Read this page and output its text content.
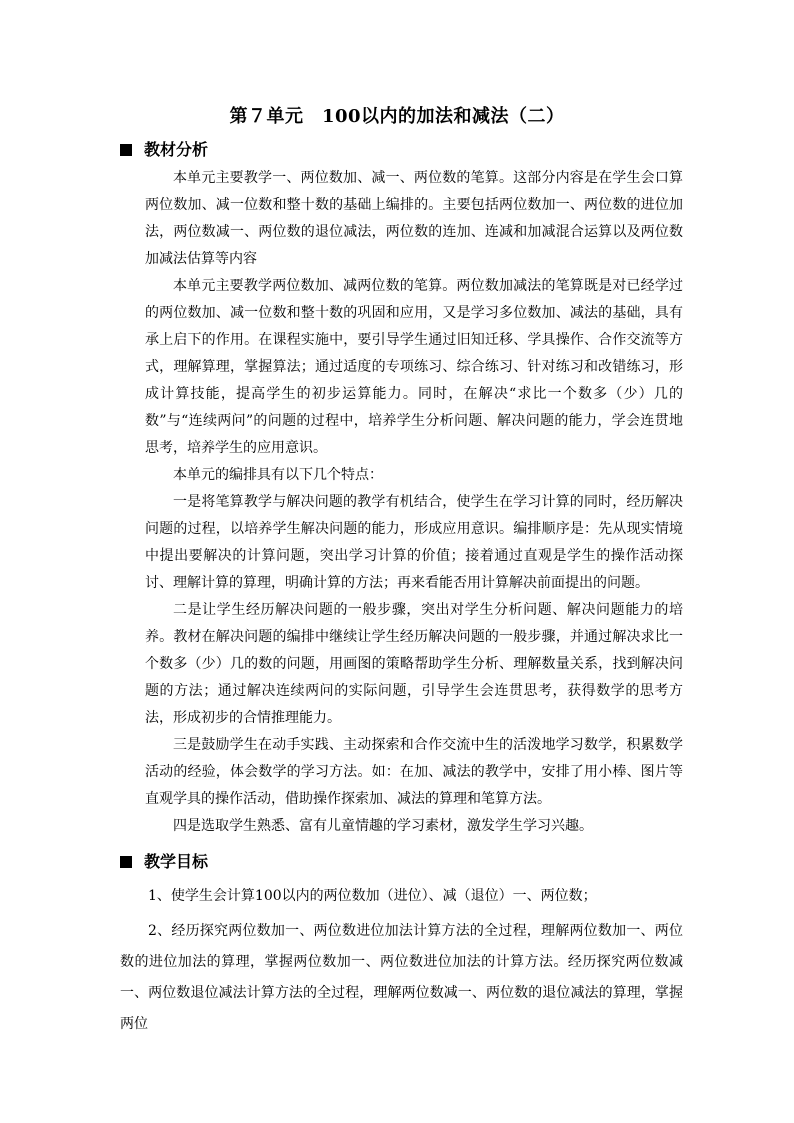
第７单元　100以内的加法和减法（二）
教材分析

本单元主要教学一、两位数加、减一、两位数的笔算。这部分内容是在学生会口算两位数加、减一位数和整十数的基础上编排的。主要包括两位数加一、两位数的进位加法，两位数减一、两位数的退位减法，两位数的连加、连减和加减混合运算以及两位数加减法估算等内容

本单元主要教学两位数加、减两位数的笔算。两位数加减法的笔算既是对已经学过的两位数加、减一位数和整十数的巩固和应用，又是学习多位数加、减法的基础，具有承上启下的作用。在课程实施中，要引导学生通过旧知迁移、学具操作、合作交流等方式，理解算理，掌握算法；通过适度的专项练习、综合练习、针对练习和改错练习，形成计算技能，提高学生的初步运算能力。同时，在解决“求比一个数多（少）几的数”与“连续两问”的问题的过程中，培养学生分析问题、解决问题的能力，学会连贯地思考，培养学生的应用意识。

本单元的编排具有以下几个特点：

一是将笔算教学与解决问题的教学有机结合，使学生在学习计算的同时，经历解决问题的过程，以培养学生解决问题的能力，形成应用意识。编排顺序是：先从现实情境中提出要解决的计算问题，突出学习计算的价值；接着通过直观是学生的操作活动探讨、理解计算的算理，明确计算的方法；再来看能否用计算解决前面提出的问题。

二是让学生经历解决问题的一般步骤，突出对学生分析问题、解决问题能力的培养。教材在解决问题的编排中继续让学生经历解决问题的一般步骤，并通过解决求比一个数多（少）几的数的问题，用画图的策略帮助学生分析、理解数量关系，找到解决问题的方法；通过解决连续两问的实际问题，引导学生会连贯思考，获得数学的思考方法，形成初步的合情推理能力。

三是鼓励学生在动手实践、主动探索和合作交流中生的活泼地学习数学，积累数学活动的经验，体会数学的学习方法。如：在加、减法的教学中，安排了用小棒、图片等直观学具的操作活动，借助操作探索加、减法的算理和笔算方法。

四是选取学生熟悉、富有儿童情趣的学习素材，激发学生学习兴趣。

教学目标

1、使学生会计算100以内的两位数加（进位）、减（退位）一、两位数；

2、经历探究两位数加一、两位数进位加法计算方法的全过程，理解两位数加一、两位数的进位加法的算理，掌握两位数加一、两位数进位加法的计算方法。经历探究两位数减一、两位数退位减法计算方法的全过程，理解两位数减一、两位数的退位减法的算理，掌握两位
